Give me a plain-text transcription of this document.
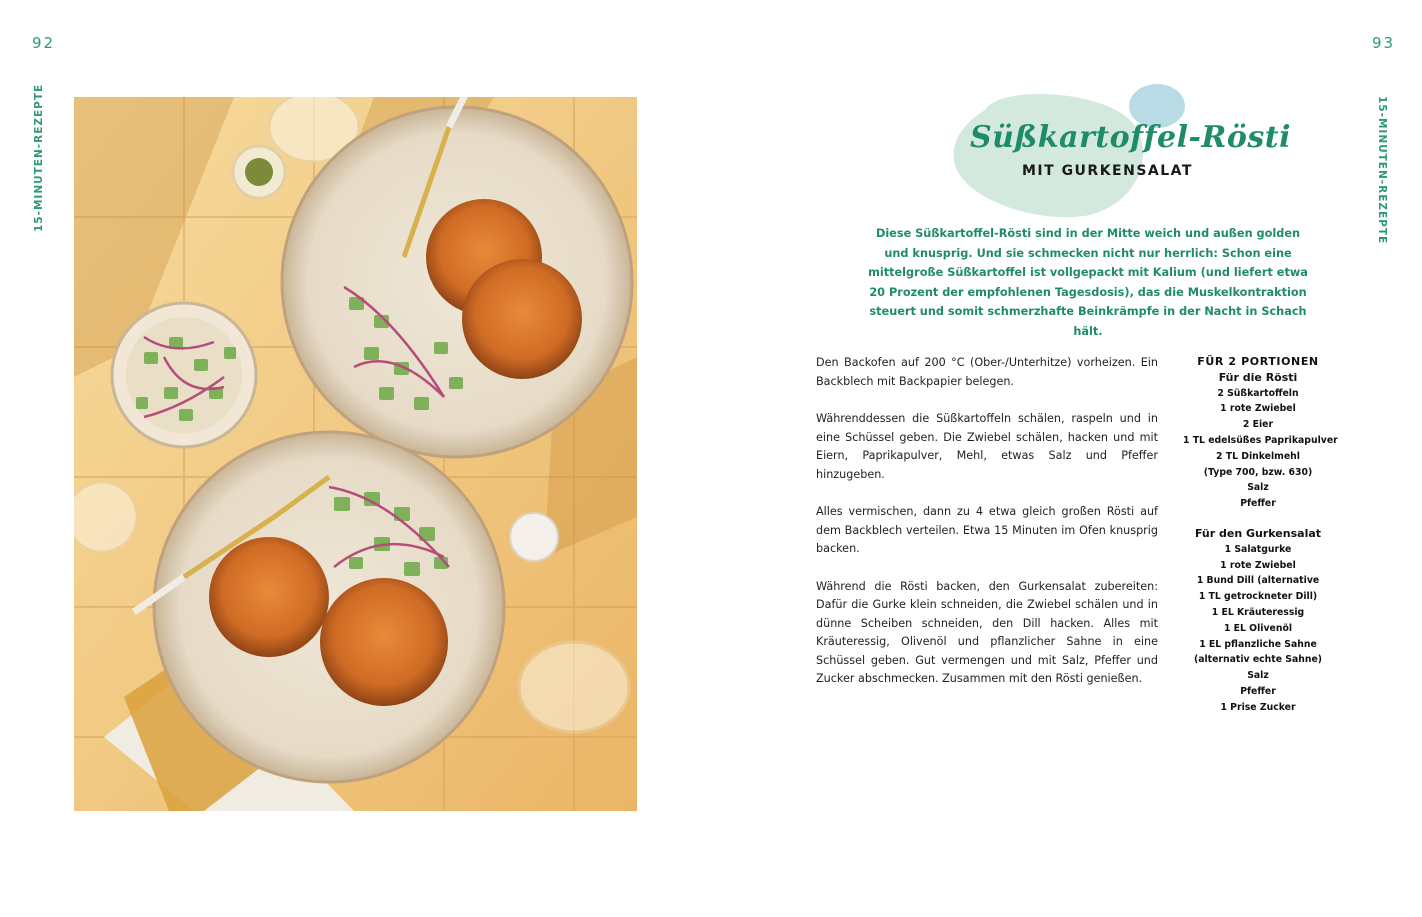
92	93
15-MINUTEN-REZEPTE	15-MINUTEN-REZEPTE
Süßkartoffel-Rösti
MIT GURKENSALAT
Diese Süßkartoffel-Rösti sind in der Mitte weich und außen golden und knusprig. Und sie schmecken nicht nur herrlich: Schon eine mittelgroße Süßkartoffel ist vollgepackt mit Kalium (und liefert etwa 20 Prozent der empfohlenen Tagesdosis), das die Muskelkontraktion steuert und somit schmerzhafte Beinkrämpfe in der Nacht in Schach hält.

Den Backofen auf 200 °C (Ober-/Unterhitze) vorheizen. Ein Backblech mit Backpapier belegen.

Währenddessen die Süßkartoffeln schälen, raspeln und in eine Schüssel geben. Die Zwiebel schälen, hacken und mit Eiern, Paprikapulver, Mehl, etwas Salz und Pfeffer hinzugeben.

Alles vermischen, dann zu 4 etwa gleich großen Rösti auf dem Backblech verteilen. Etwa 15 Minuten im Ofen knusprig backen.

Während die Rösti backen, den Gurkensalat zubereiten: Dafür die Gurke klein schneiden, die Zwiebel schälen und in dünne Scheiben schneiden, den Dill hacken. Alles mit Kräuteressig, Olivenöl und pflanzlicher Sahne in eine Schüssel geben. Gut vermengen und mit Salz, Pfeffer und Zucker abschmecken. Zusammen mit den Rösti genießen.

FÜR 2 PORTIONEN
Für die Rösti
2 Süßkartoffeln
1 rote Zwiebel
2 Eier
1 TL edelsüßes Paprikapulver
2 TL Dinkelmehl
(Type 700, bzw. 630)
Salz
Pfeffer
Für den Gurkensalat
1 Salatgurke
1 rote Zwiebel
1 Bund Dill (alternative
1 TL getrockneter Dill)
1 EL Kräuteressig
1 EL Olivenöl
1 EL pflanzliche Sahne
(alternativ echte Sahne)
Salz
Pfeffer
1 Prise Zucker
